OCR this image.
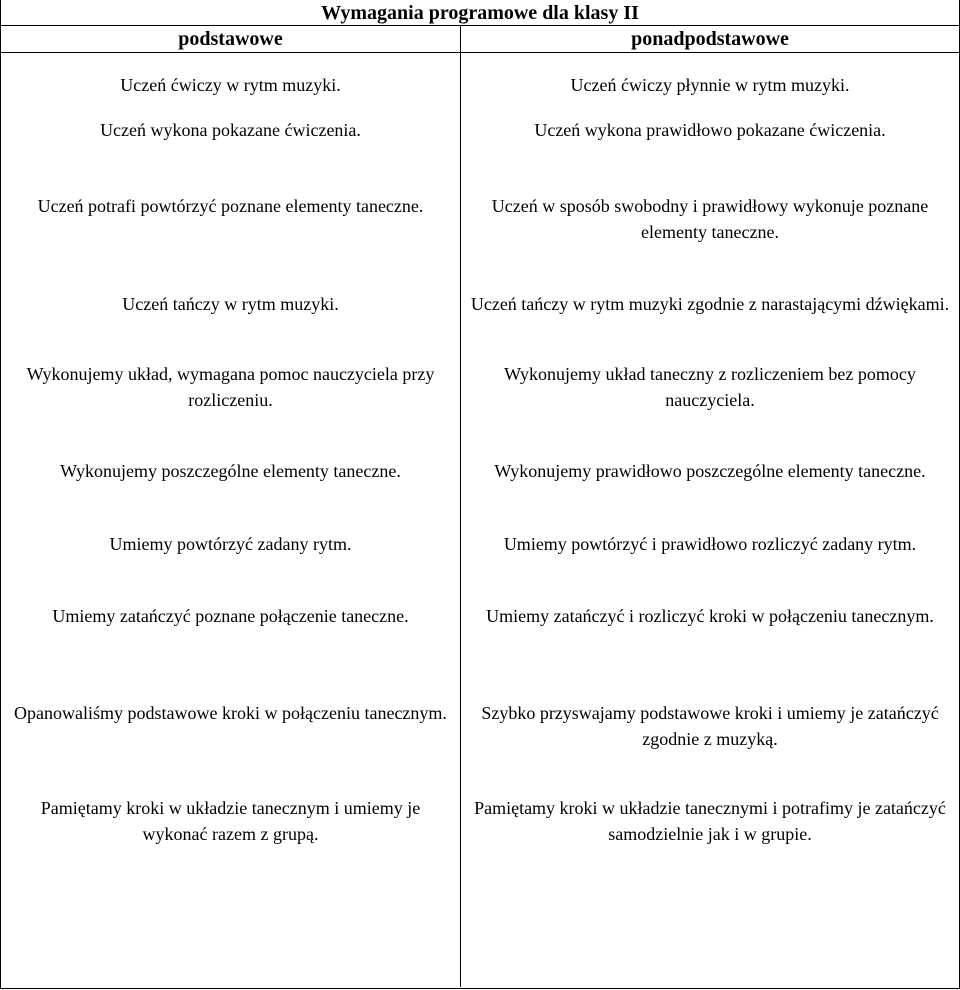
Wymagania programowe dla klasy II
podstawowe	ponadpodstawowe
Uczeń ćwiczy w rytm muzyki.
Uczeń wykona pokazane ćwiczenia.
Uczeń potrafi powtórzyć poznane elementy taneczne.
Uczeń tańczy w rytm muzyki.
Wykonujemy układ, wymagana pomoc nauczyciela przy rozliczeniu.
Wykonujemy poszczególne elementy taneczne.
Umiemy powtórzyć zadany rytm.
Umiemy zatańczyć poznane połączenie taneczne.
Opanowaliśmy podstawowe kroki w połączeniu tanecznym.
Pamiętamy kroki w układzie tanecznym i umiemy je wykonać razem z grupą.
Uczeń ćwiczy płynnie w rytm muzyki.
Uczeń wykona prawidłowo pokazane ćwiczenia.
Uczeń w sposób swobodny i prawidłowy wykonuje poznane elementy taneczne.
Uczeń tańczy w rytm muzyki zgodnie z narastającymi dźwiękami.
Wykonujemy układ taneczny z rozliczeniem bez pomocy nauczyciela.
Wykonujemy prawidłowo poszczególne elementy taneczne.
Umiemy powtórzyć i prawidłowo rozliczyć zadany rytm.
Umiemy zatańczyć i rozliczyć kroki w połączeniu tanecznym.
Szybko przyswajamy podstawowe kroki i umiemy je zatańczyć zgodnie z muzyką.
Pamiętamy kroki w układzie tanecznymi i potrafimy je zatańczyć samodzielnie jak i w grupie.
